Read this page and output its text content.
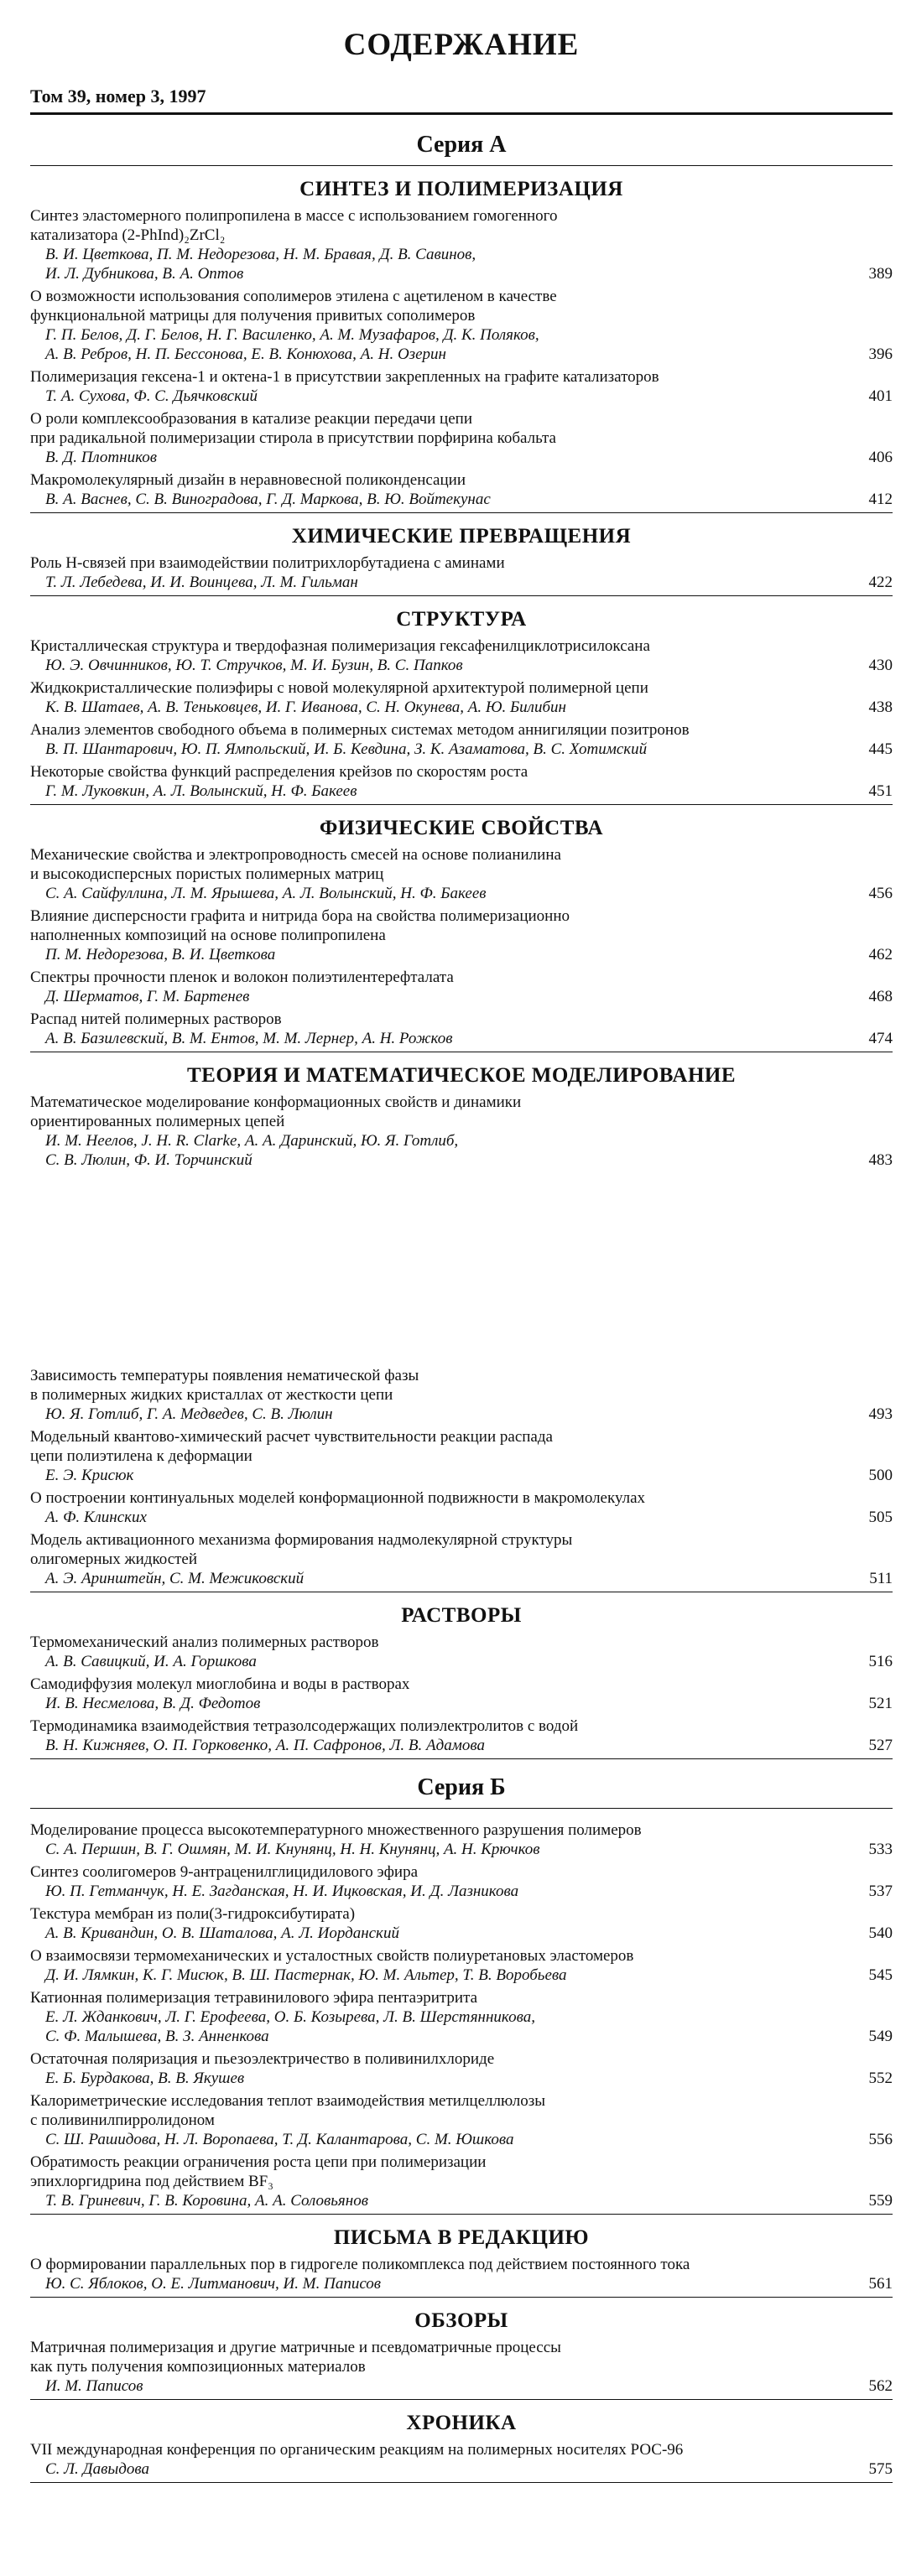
СОДЕРЖАНИЕ
Том 39, номер 3, 1997
Серия А
СИНТЕЗ И ПОЛИМЕРИЗАЦИЯ
Синтез эластомерного полипропилена в массе с использованием гомогенного
катализатора (2-PhInd)₂ZrCl₂
В. И. Цветкова, П. М. Недорезова, Н. М. Бравая, Д. В. Савинов,
И. Л. Дубникова, В. А. Оптов	389
О возможности использования сополимеров этилена с ацетиленом в качестве
функциональной матрицы для получения привитых сополимеров
Г. П. Белов, Д. Г. Белов, Н. Г. Василенко, А. М. Музафаров, Д. К. Поляков,
А. В. Ребров, Н. П. Бессонова, Е. В. Конюхова, А. Н. Озерин	396
Полимеризация гексена-1 и октена-1 в присутствии закрепленных на графите катализаторов
Т. А. Сухова, Ф. С. Дьячковский	401
О роли комплексообразования в катализе реакции передачи цепи
при радикальной полимеризации стирола в присутствии порфирина кобальта
В. Д. Плотников	406
Макромолекулярный дизайн в неравновесной поликонденсации
В. А. Васнев, С. В. Виноградова, Г. Д. Маркова, В. Ю. Войтекунас	412
ХИМИЧЕСКИЕ ПРЕВРАЩЕНИЯ
Роль Н-связей при взаимодействии политрихлорбутадиена с аминами
Т. Л. Лебедева, И. И. Воинцева, Л. М. Гильман	422
СТРУКТУРА
Кристаллическая структура и твердофазная полимеризация гексафенилциклотрисилоксана
Ю. Э. Овчинников, Ю. Т. Стручков, М. И. Бузин, В. С. Папков	430
Жидкокристаллические полиэфиры с новой молекулярной архитектурой полимерной цепи
К. В. Шатаев, А. В. Теньковцев, И. Г. Иванова, С. Н. Окунева, А. Ю. Билибин	438
Анализ элементов свободного объема в полимерных системах методом аннигиляции позитронов
В. П. Шантарович, Ю. П. Ямпольский, И. Б. Кевдина, З. К. Азаматова, В. С. Хотимский	445
Некоторые свойства функций распределения крейзов по скоростям роста
Г. М. Луковкин, А. Л. Волынский, Н. Ф. Бакеев	451
ФИЗИЧЕСКИЕ СВОЙСТВА
Механические свойства и электропроводность смесей на основе полианилина
и высокодисперсных пористых полимерных матриц
С. А. Сайфуллина, Л. М. Ярышева, А. Л. Волынский, Н. Ф. Бакеев	456
Влияние дисперсности графита и нитрида бора на свойства полимеризационно
наполненных композиций на основе полипропилена
П. М. Недорезова, В. И. Цветкова	462
Спектры прочности пленок и волокон полиэтилентерефталата
Д. Шерматов, Г. М. Бартенев	468
Распад нитей полимерных растворов
А. В. Базилевский, В. М. Ентов, М. М. Лернер, А. Н. Рожков	474
ТЕОРИЯ И МАТЕМАТИЧЕСКОЕ МОДЕЛИРОВАНИЕ
Математическое моделирование конформационных свойств и динамики
ориентированных полимерных цепей
И. М. Неелов, J. H. R. Clarke, А. А. Даринский, Ю. Я. Готлиб,
С. В. Люлин, Ф. И. Торчинский	483
Зависимость температуры появления нематической фазы
в полимерных жидких кристаллах от жесткости цепи
Ю. Я. Готлиб, Г. А. Медведев, С. В. Люлин	493
Модельный квантово-химический расчет чувствительности реакции распада
цепи полиэтилена к деформации
Е. Э. Крисюк	500
О построении континуальных моделей конформационной подвижности в макромолекулах
А. Ф. Клинских	505
Модель активационного механизма формирования надмолекулярной структуры
олигомерных жидкостей
А. Э. Аринштейн, С. М. Межиковский	511
РАСТВОРЫ
Термомеханический анализ полимерных растворов
А. В. Савицкий, И. А. Горшкова	516
Самодиффузия молекул миоглобина и воды в растворах
И. В. Несмелова, В. Д. Федотов	521
Термодинамика взаимодействия тетразолсодержащих полиэлектролитов с водой
В. Н. Кижняев, О. П. Горковенко, А. П. Сафронов, Л. В. Адамова	527
Серия Б
Моделирование процесса высокотемпературного множественного разрушения полимеров
С. А. Першин, В. Г. Ошмян, М. И. Кнунянц, Н. Н. Кнунянц, А. Н. Крючков	533
Синтез соолигомеров 9-антраценилглицидилового эфира
Ю. П. Гетманчук, Н. Е. Загданская, Н. И. Ицковская, И. Д. Лазникова	537
Текстура мембран из поли(3-гидроксибутирата)
А. В. Кривандин, О. В. Шаталова, А. Л. Иорданский	540
О взаимосвязи термомеханических и усталостных свойств полиуретановых эластомеров
Д. И. Лямкин, К. Г. Мисюк, В. Ш. Пастернак, Ю. М. Альтер, Т. В. Воробьева	545
Катионная полимеризация тетравинилового эфира пентаэритрита
Е. Л. Жданкович, Л. Г. Ерофеева, О. Б. Козырева, Л. В. Шерстянникова,
С. Ф. Малышева, В. З. Анненкова	549
Остаточная поляризация и пьезоэлектричество в поливинилхлориде
Е. Б. Бурдакова, В. В. Якушев	552
Калориметрические исследования теплот взаимодействия метилцеллюлозы
с поливинилпирролидоном
С. Ш. Рашидова, Н. Л. Воропаева, Т. Д. Калантарова, С. М. Юшкова	556
Обратимость реакции ограничения роста цепи при полимеризации
эпихлоргидрина под действием BF₃
Т. В. Гриневич, Г. В. Коровина, А. А. Соловьянов	559
ПИСЬМА В РЕДАКЦИЮ
О формировании параллельных пор в гидрогеле поликомплекса под действием постоянного тока
Ю. С. Яблоков, О. Е. Литманович, И. М. Паписов	561
ОБЗОРЫ
Матричная полимеризация и другие матричные и псевдоматричные процессы
как путь получения композиционных материалов
И. М. Паписов	562
ХРОНИКА
VII международная конференция по органическим реакциям на полимерных носителях РОС-96
С. Л. Давыдова	575
